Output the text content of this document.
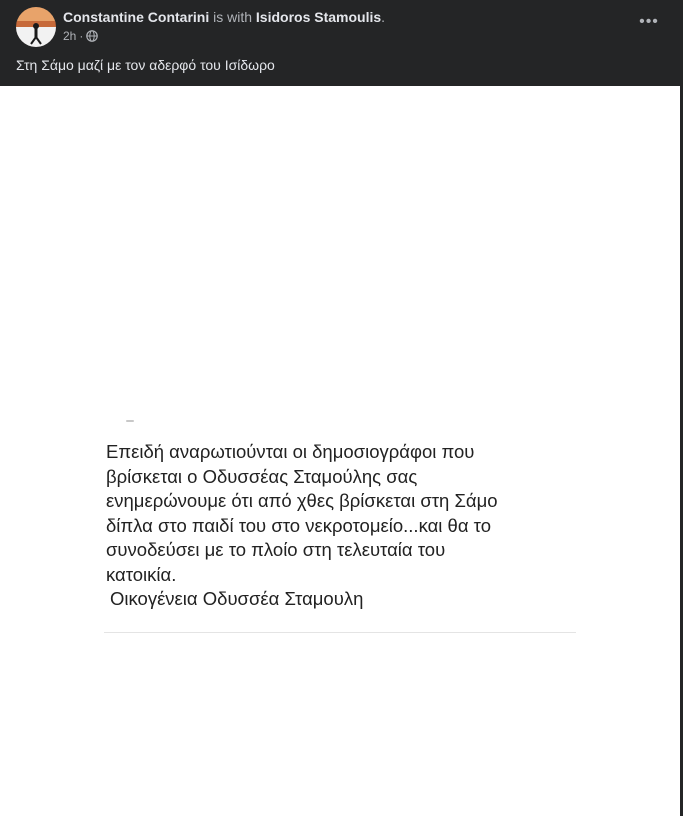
Constantine Contarini is with Isidoros Stamoulis.
2h ·
•••
Στη Σάμο μαζί με τον αδερφό του Ισίδωρο
Επειδή αναρωτιούνται οι δημοσιογράφοι που
βρίσκεται ο Οδυσσέας Σταμούλης σας
ενημερώνουμε ότι από χθες βρίσκεται στη Σάμο
δίπλα στο παιδί του στο νεκροτομείο...και θα το
συνοδεύσει με το πλοίο στη τελευταία του
κατοικία.
Οικογένεια Οδυσσέα Σταμουλη
